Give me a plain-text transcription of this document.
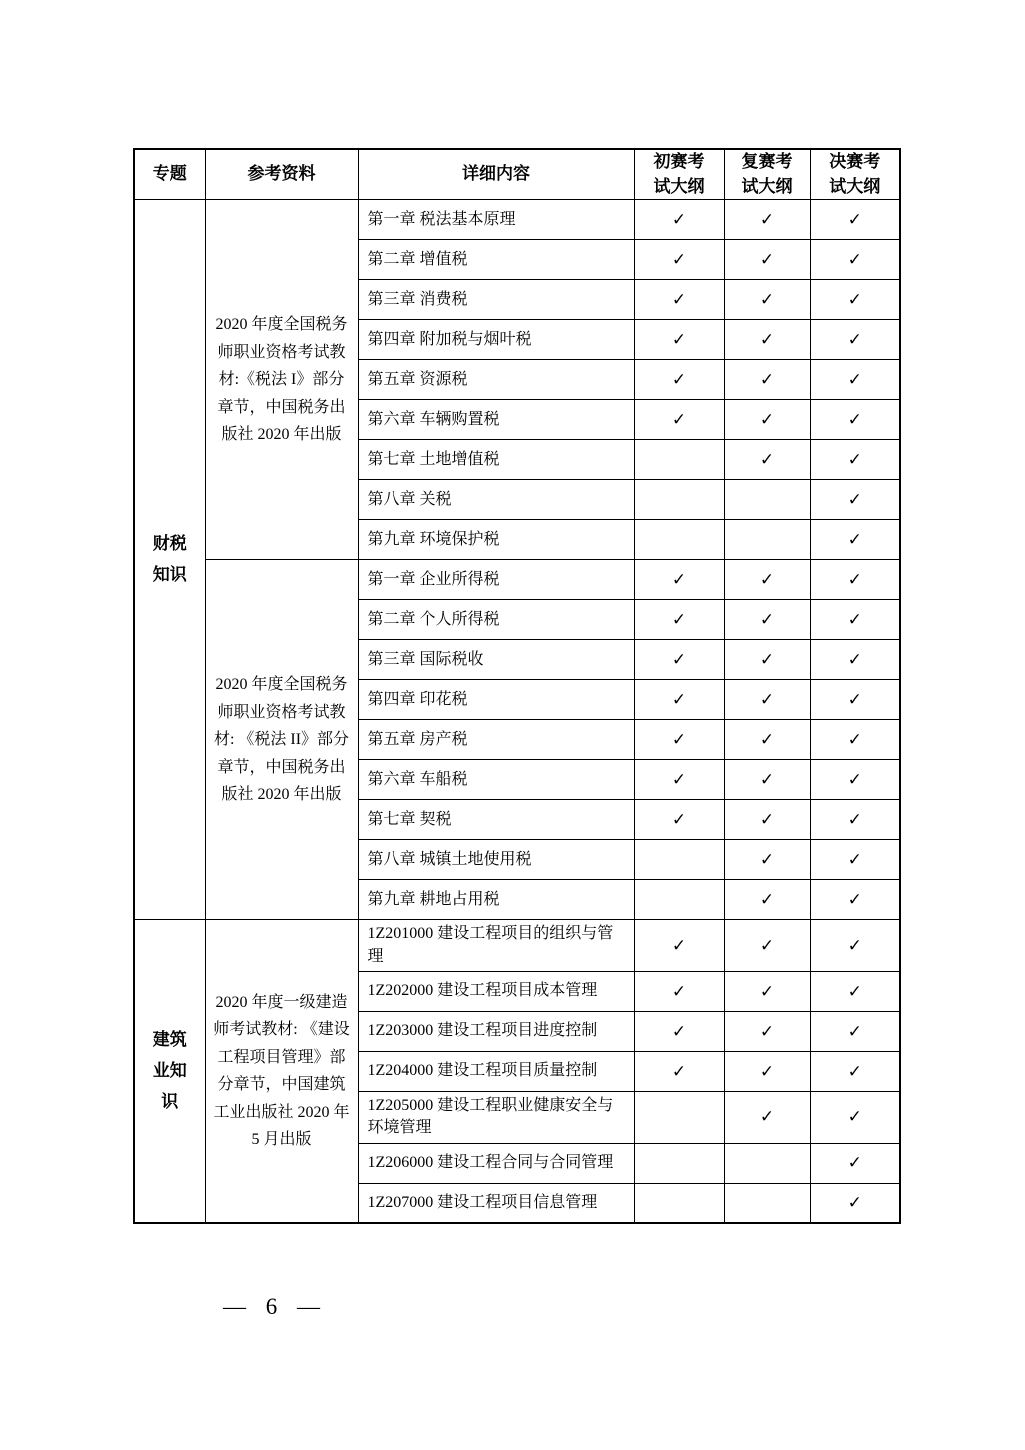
专题	参考资料	详细内容	初赛考试大纲	复赛考试大纲	决赛考试大纲
财税知识	2020 年度全国税务师职业资格考试教材:《税法 I》部分章节，中国税务出版社 2020 年出版	第一章 税法基本原理	✓	✓	✓
		第二章 增值税	✓	✓	✓
		第三章 消费税	✓	✓	✓
		第四章 附加税与烟叶税	✓	✓	✓
		第五章 资源税	✓	✓	✓
		第六章 车辆购置税	✓	✓	✓
		第七章 土地增值税		✓	✓
		第八章 关税			✓
		第九章 环境保护税			✓
	2020 年度全国税务师职业资格考试教材: 《税法 II》部分章节，中国税务出版社 2020 年出版	第一章 企业所得税	✓	✓	✓
		第二章 个人所得税	✓	✓	✓
		第三章 国际税收	✓	✓	✓
		第四章 印花税	✓	✓	✓
		第五章 房产税	✓	✓	✓
		第六章 车船税	✓	✓	✓
		第七章 契税	✓	✓	✓
		第八章 城镇土地使用税		✓	✓
		第九章 耕地占用税		✓	✓
建筑业知识	2020 年度一级建造师考试教材: 《建设工程项目管理》部分章节，中国建筑工业出版社 2020 年 5 月出版	1Z201000 建设工程项目的组织与管理	✓	✓	✓
		1Z202000 建设工程项目成本管理	✓	✓	✓
		1Z203000 建设工程项目进度控制	✓	✓	✓
		1Z204000 建设工程项目质量控制	✓	✓	✓
		1Z205000 建设工程职业健康安全与环境管理		✓	✓
		1Z206000 建设工程合同与合同管理			✓
		1Z207000 建设工程项目信息管理			✓

— 6 —
